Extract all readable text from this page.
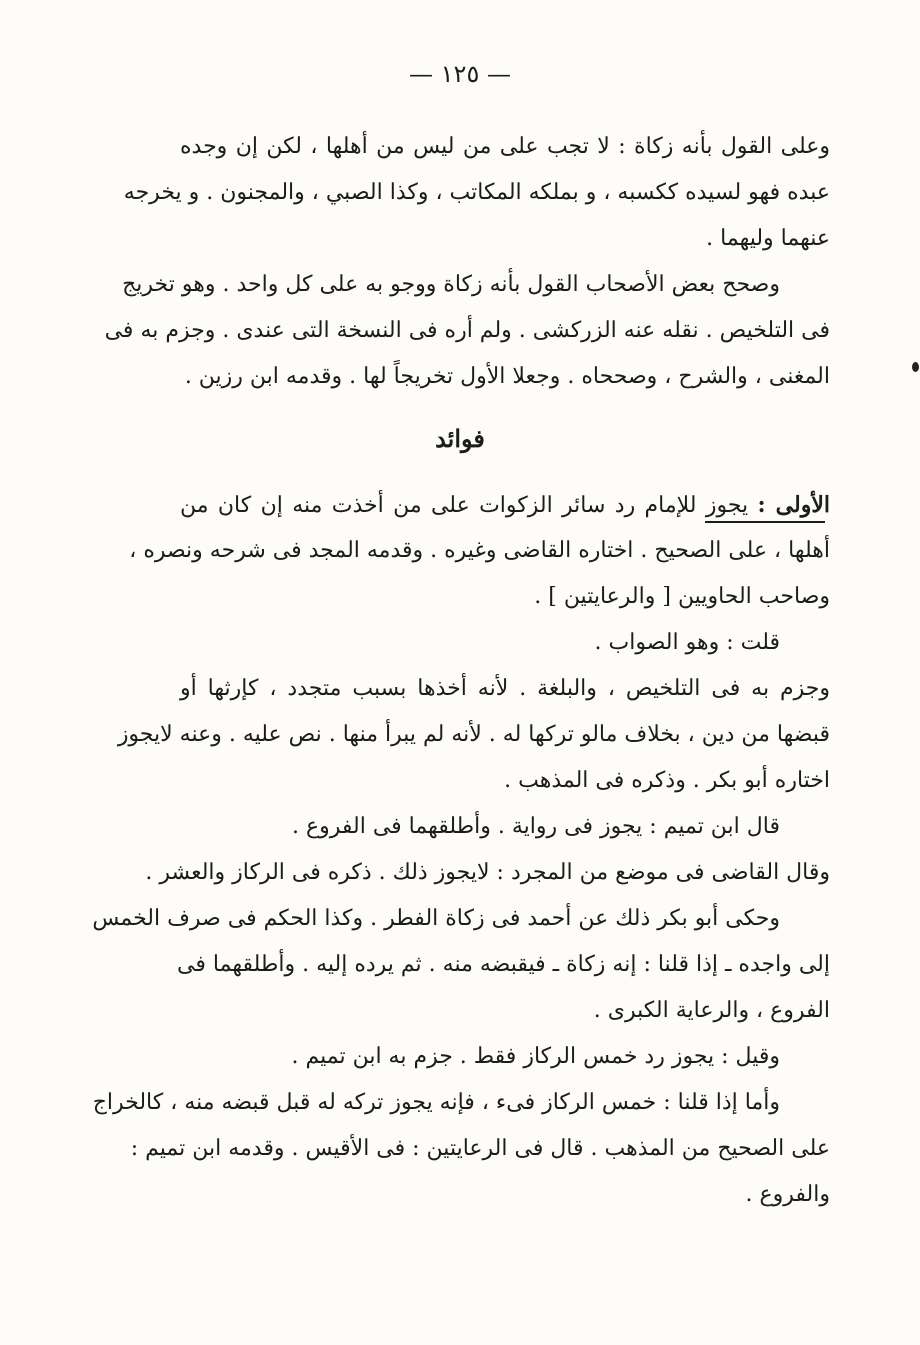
— ١٢٥ —
وعلى القول بأنه زكاة : لا تجب على من ليس من أهلها ، لكن إن وجده
عبده فهو لسيده ككسبه ، و بملكه المكاتب ، وكذا الصبي ، والمجنون . و يخرجه
عنهما وليهما .
وصحح بعض الأصحاب القول بأنه زكاة ووجو به على كل واحد . وهو تخريج
فى التلخيص . نقله عنه الزركشى . ولم أره فى النسخة التى عندى . وجزم به فى
المغنى ، والشرح ، وصححاه . وجعلا الأول تخريجاً لها . وقدمه ابن رزين .
فوائد
الأولى : يجوز للإمام رد سائر الزكوات على من أخذت منه إن كان من
أهلها ، على الصحيح . اختاره القاضى وغيره . وقدمه المجد فى شرحه ونصره ،
وصاحب الحاويين [ والرعايتين ] .
قلت : وهو الصواب .
وجزم به فى التلخيص ، والبلغة . لأنه أخذها بسبب متجدد ، كإرثها أو
قبضها من دين ، بخلاف مالو تركها له . لأنه لم يبرأ منها . نص عليه . وعنه لايجوز
اختاره أبو بكر . وذكره فى المذهب .
قال ابن تميم : يجوز فى رواية . وأطلقهما فى الفروع .
وقال القاضى فى موضع من المجرد : لايجوز ذلك . ذكره فى الركاز والعشر .
وحكى أبو بكر ذلك عن أحمد فى زكاة الفطر . وكذا الحكم فى صرف الخمس
إلى واجده ـ إذا قلنا : إنه زكاة ـ فيقبضه منه . ثم يرده إليه . وأطلقهما فى
الفروع ، والرعاية الكبرى .
وقيل : يجوز رد خمس الركاز فقط . جزم به ابن تميم .
وأما إذا قلنا : خمس الركاز فىء ، فإنه يجوز تركه له قبل قبضه منه ، كالخراج
على الصحيح من المذهب . قال فى الرعايتين : فى الأقيس . وقدمه ابن تميم :
والفروع .
